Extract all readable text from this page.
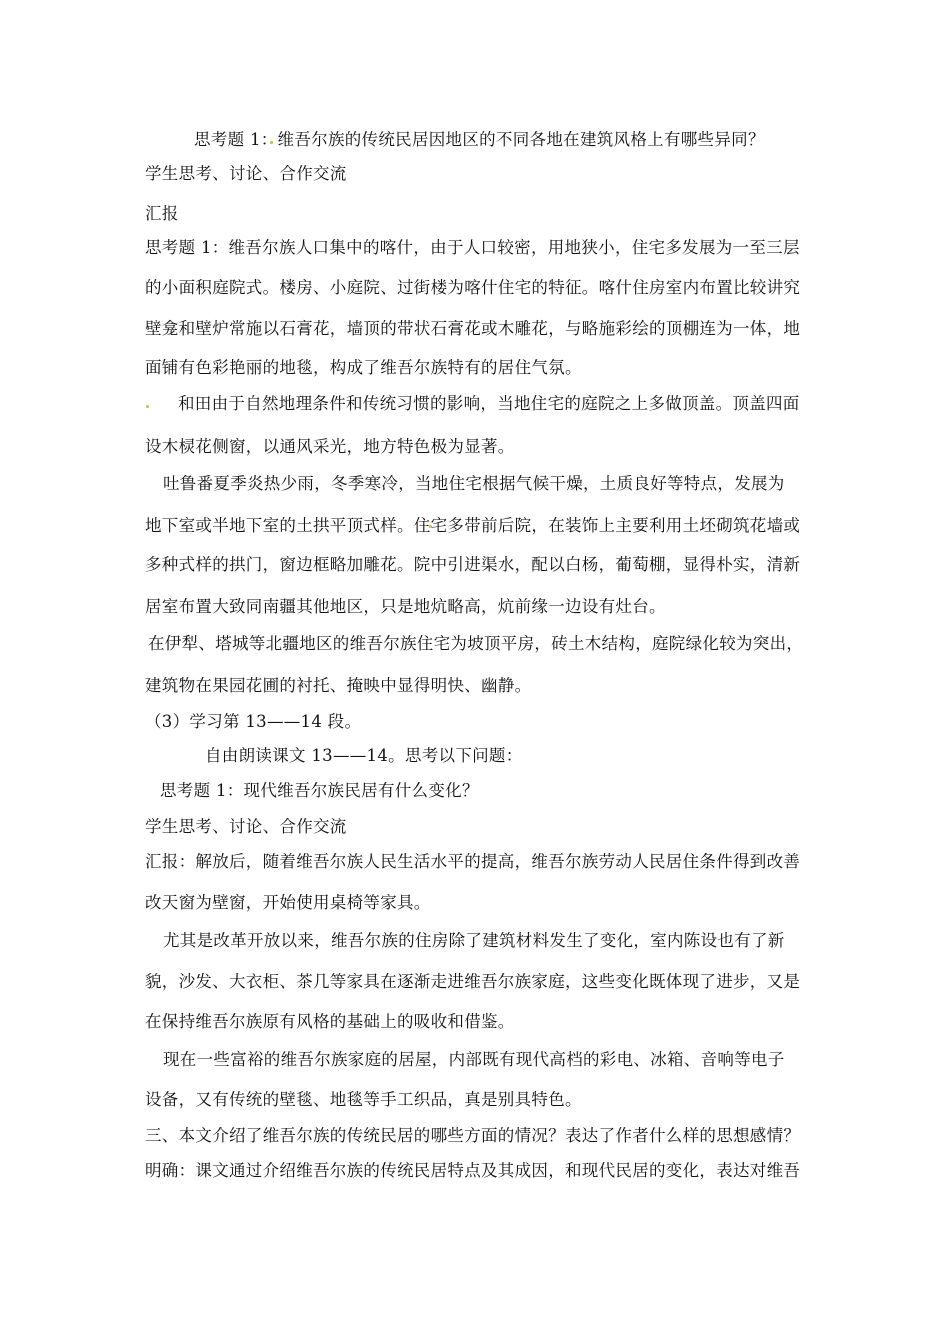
思考题 1：维吾尔族的传统民居因地区的不同各地在建筑风格上有哪些异同？
学生思考、讨论、合作交流
汇报
思考题 1：维吾尔族人口集中的喀什，由于人口较密，用地狭小，住宅多发展为一至三层
的小面积庭院式。楼房、小庭院、过街楼为喀什住宅的特征。喀什住房室内布置比较讲究
壁龛和壁炉常施以石膏花，墙顶的带状石膏花或木雕花，与略施彩绘的顶棚连为一体，地
面铺有色彩艳丽的地毯，构成了维吾尔族特有的居住气氛。
和田由于自然地理条件和传统习惯的影响，当地住宅的庭院之上多做顶盖。顶盖四面
设木棂花侧窗，以通风采光，地方特色极为显著。
吐鲁番夏季炎热少雨，冬季寒冷，当地住宅根据气候干燥，土质良好等特点，发展为
地下室或半地下室的土拱平顶式样。住宅多带前后院，在装饰上主要利用土坯砌筑花墙或
多种式样的拱门，窗边框略加雕花。院中引进渠水，配以白杨，葡萄棚，显得朴实，清新
居室布置大致同南疆其他地区，只是地炕略高，炕前缘一边设有灶台。
在伊犁、塔城等北疆地区的维吾尔族住宅为坡顶平房，砖土木结构，庭院绿化较为突出，
建筑物在果园花圃的衬托、掩映中显得明快、幽静。
（3）学习第 13——14 段。
自由朗读课文 13——14。思考以下问题：
思考题 1：现代维吾尔族民居有什么变化？
学生思考、讨论、合作交流
汇报：解放后，随着维吾尔族人民生活水平的提高，维吾尔族劳动人民居住条件得到改善
改天窗为壁窗，开始使用桌椅等家具。
尤其是改革开放以来，维吾尔族的住房除了建筑材料发生了变化，室内陈设也有了新
貌，沙发、大衣柜、茶几等家具在逐渐走进维吾尔族家庭，这些变化既体现了进步，又是
在保持维吾尔族原有风格的基础上的吸收和借鉴。
现在一些富裕的维吾尔族家庭的居屋，内部既有现代高档的彩电、冰箱、音响等电子
设备，又有传统的壁毯、地毯等手工织品，真是别具特色。
三、本文介绍了维吾尔族的传统民居的哪些方面的情况？表达了作者什么样的思想感情？
明确：课文通过介绍维吾尔族的传统民居特点及其成因，和现代民居的变化，表达对维吾
